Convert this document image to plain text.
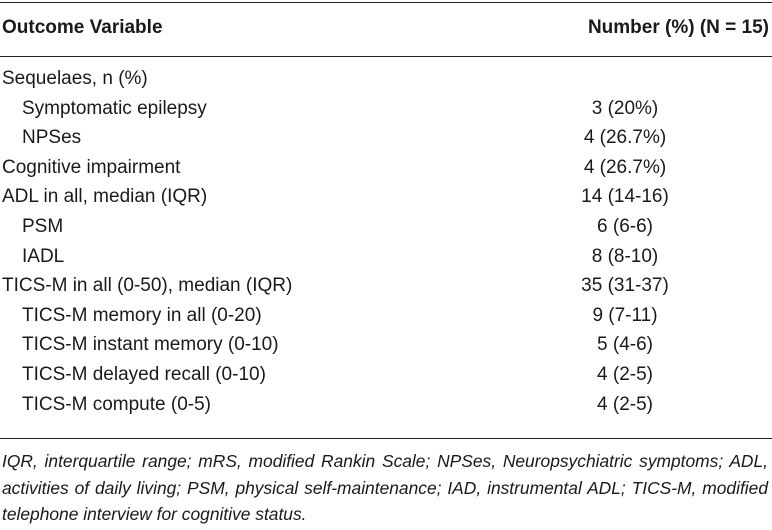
Outcome Variable	Number (%) (N = 15)
Sequelaes, n (%)
Symptomatic epilepsy	3 (20%)
NPSes	4 (26.7%)
Cognitive impairment	4 (26.7%)
ADL in all, median (IQR)	14 (14-16)
PSM	6 (6-6)
IADL	8 (8-10)
TICS-M in all (0-50), median (IQR)	35 (31-37)
TICS-M memory in all (0-20)	9 (7-11)
TICS-M instant memory (0-10)	5 (4-6)
TICS-M delayed recall (0-10)	4 (2-5)
TICS-M compute (0-5)	4 (2-5)
IQR, interquartile range; mRS, modified Rankin Scale; NPSes, Neuropsychiatric symptoms; ADL, activities of daily living; PSM, physical self-maintenance; IAD, instrumental ADL; TICS-M, modified telephone interview for cognitive status.
